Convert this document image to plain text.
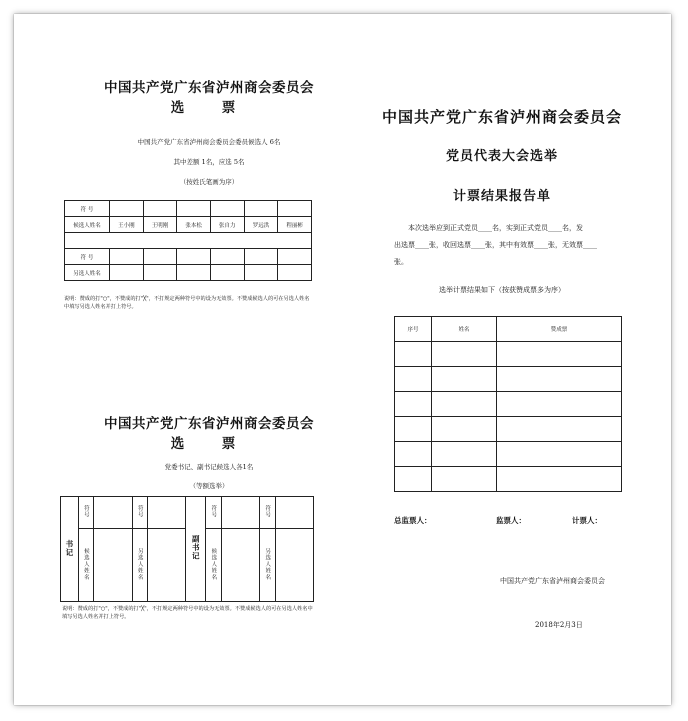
中国共产党广东省泸州商会委员会
选　票
中国共产党广东省泸州商会委员会委员候选人 6名
其中差额 1名，应选 5名
（按姓氏笔画为序）
符 号						
候选人姓名	王小刚	王明刚	张本松	张自力	罗远洪	程丽彬

符 号						
另选人姓名						
说明：赞成的打"○"，不赞成的打"╳"，不打规定两种符号中的设为无效票。不赞成候选人的可在另选人姓名中填写另选人姓名并打上符号。
中国共产党广东省泸州商会委员会
选　票
党委书记、副书记候选人各1名
（等额选举）
书记	符号		符号		副书记	符号		符号	
	候选人姓名		另选人姓名			候选人姓名		另选人姓名	
说明：赞成的打"○"，不赞成的打"╳"，不打规定两种符号中的设为无效票。不赞成候选人的可在另选人姓名中填写另选人姓名并打上符号。
中国共产党广东省泸州商会委员会
党员代表大会选举
计票结果报告单
本次选举应到正式党员____名，实到正式党员____名，发
出选票____张，收回选票____张，其中有效票____张，无效票____
张。
选举计票结果如下（按获赞成票多为序）
序号	姓名	赞成票

总监票人：	监票人：	计票人：
中国共产党广东省泸州商会委员会
2018年2月3日
